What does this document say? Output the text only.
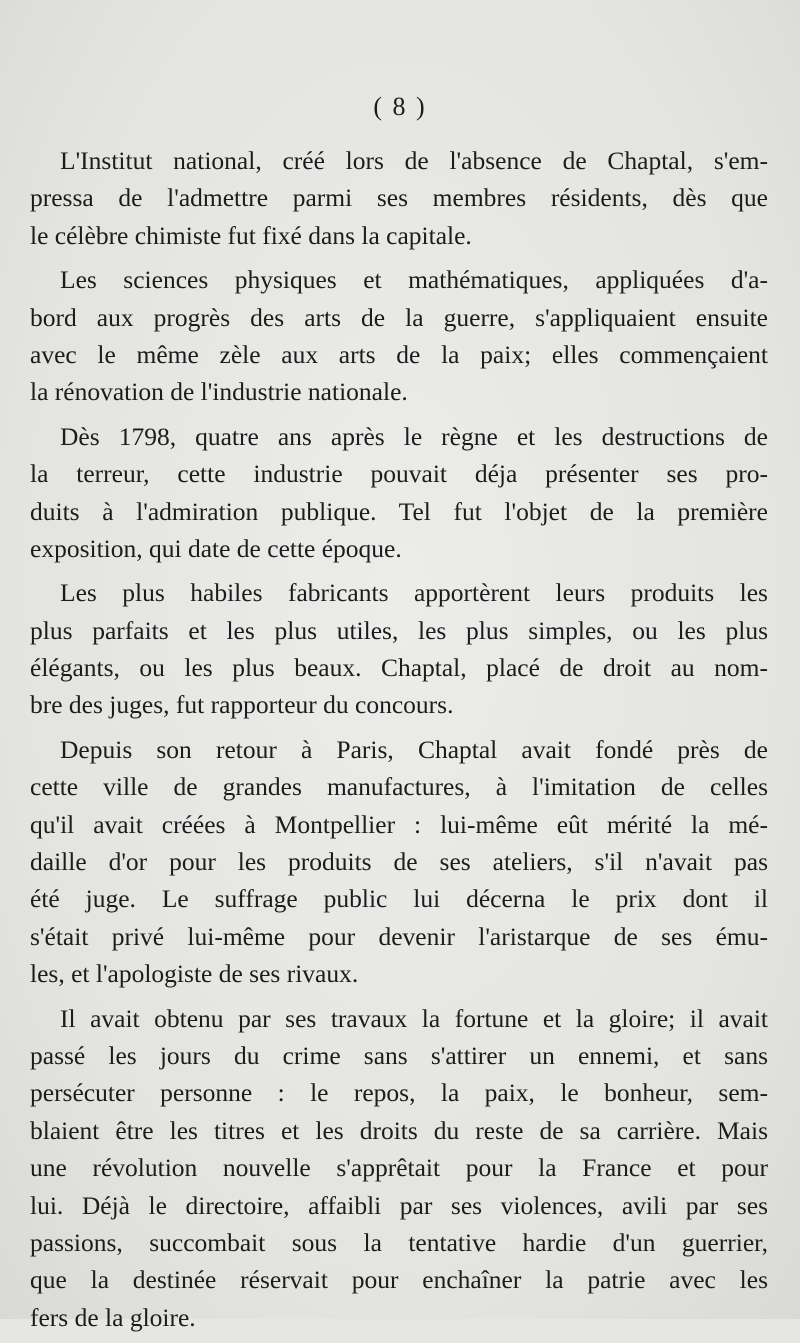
( 8 )
L'Institut national, créé lors de l'absence de Chaptal, s'em-
pressa de l'admettre parmi ses membres résidents, dès que
le célèbre chimiste fut fixé dans la capitale.
Les sciences physiques et mathématiques, appliquées d'a-
bord aux progrès des arts de la guerre, s'appliquaient ensuite
avec le même zèle aux arts de la paix; elles commençaient
la rénovation de l'industrie nationale.
Dès 1798, quatre ans après le règne et les destructions de
la terreur, cette industrie pouvait déja présenter ses pro-
duits à l'admiration publique. Tel fut l'objet de la première
exposition, qui date de cette époque.
Les plus habiles fabricants apportèrent leurs produits les
plus parfaits et les plus utiles, les plus simples, ou les plus
élégants, ou les plus beaux. Chaptal, placé de droit au nom-
bre des juges, fut rapporteur du concours.
Depuis son retour à Paris, Chaptal avait fondé près de
cette ville de grandes manufactures, à l'imitation de celles
qu'il avait créées à Montpellier : lui-même eût mérité la mé-
daille d'or pour les produits de ses ateliers, s'il n'avait pas
été juge. Le suffrage public lui décerna le prix dont il
s'était privé lui-même pour devenir l'aristarque de ses ému-
les, et l'apologiste de ses rivaux.
Il avait obtenu par ses travaux la fortune et la gloire; il avait
passé les jours du crime sans s'attirer un ennemi, et sans
persécuter personne : le repos, la paix, le bonheur, sem-
blaient être les titres et les droits du reste de sa carrière. Mais
une révolution nouvelle s'apprêtait pour la France et pour
lui. Déjà le directoire, affaibli par ses violences, avili par ses
passions, succombait sous la tentative hardie d'un guerrier,
que la destinée réservait pour enchaîner la patrie avec les
fers de la gloire.
